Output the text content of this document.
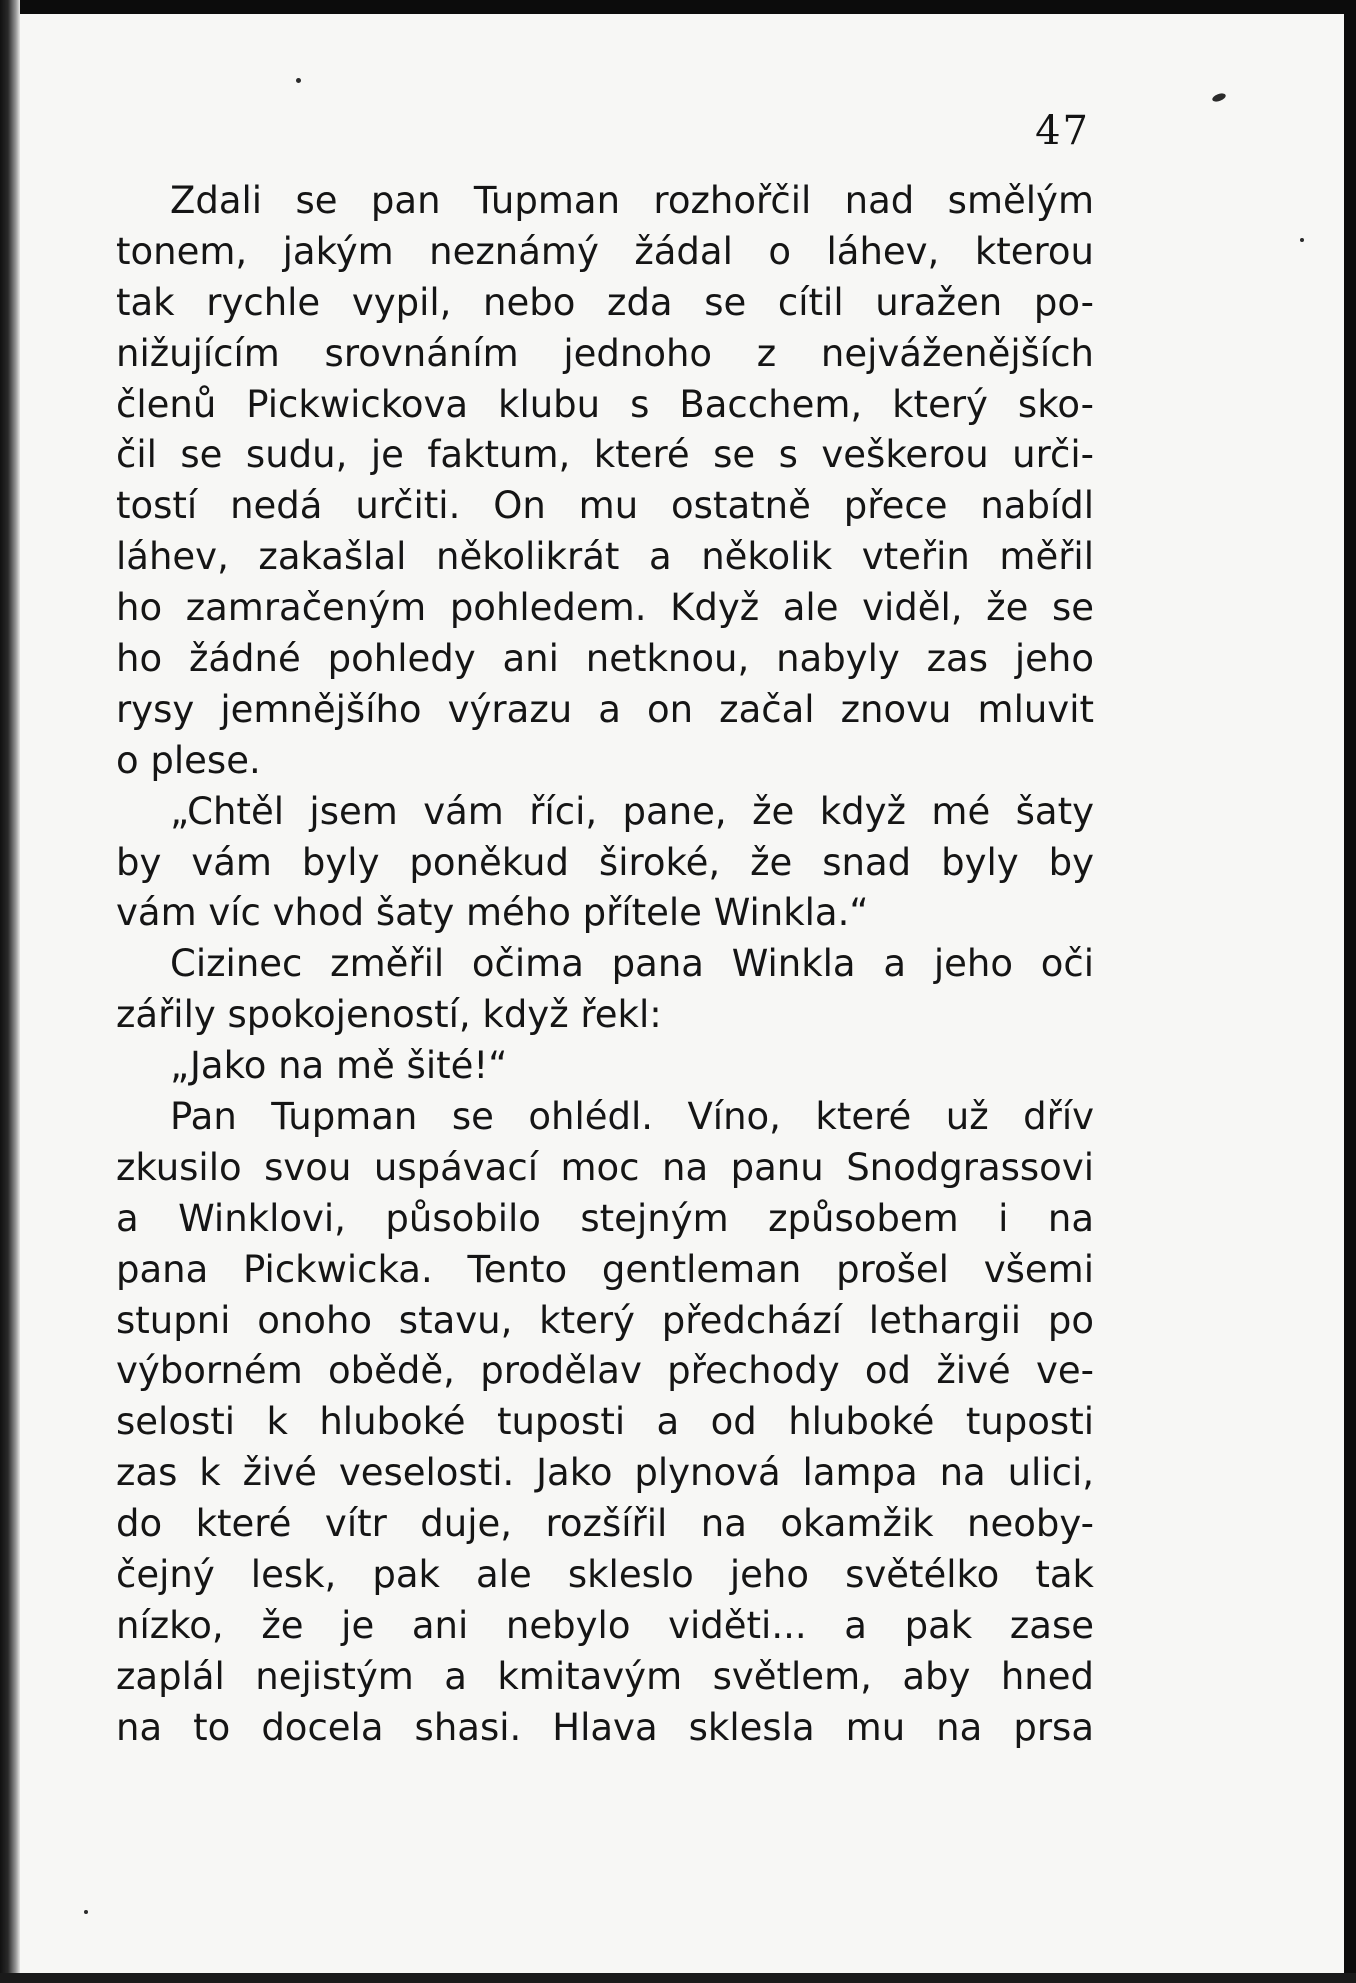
47
Zdali se pan Tupman rozhořčil nad smělým
tonem, jakým neznámý žádal o láhev, kterou
tak rychle vypil, nebo zda se cítil uražen po-
nižujícím srovnáním jednoho z nejváženějších
členů Pickwickova klubu s Bacchem, který sko-
čil se sudu, je faktum, které se s veškerou urči-
tostí nedá určiti. On mu ostatně přece nabídl
láhev, zakašlal několikrát a několik vteřin měřil
ho zamračeným pohledem. Když ale viděl, že se
ho žádné pohledy ani netknou, nabyly zas jeho
rysy jemnějšího výrazu a on začal znovu mluvit
o plese.
„Chtěl jsem vám říci, pane, že když mé šaty
by vám byly poněkud široké, že snad byly by
vám víc vhod šaty mého přítele Winkla.“
Cizinec změřil očima pana Winkla a jeho oči
zářily spokojeností, když řekl:
„Jako na mě šité!“
Pan Tupman se ohlédl. Víno, které už dřív
zkusilo svou uspávací moc na panu Snodgrassovi
a Winklovi, působilo stejným způsobem i na
pana Pickwicka. Tento gentleman prošel všemi
stupni onoho stavu, který předchází lethargii po
výborném obědě, prodělav přechody od živé ve-
selosti k hluboké tuposti a od hluboké tuposti
zas k živé veselosti. Jako plynová lampa na ulici,
do které vítr duje, rozšířil na okamžik neoby-
čejný lesk, pak ale skleslo jeho světélko tak
nízko, že je ani nebylo viděti... a pak zase
zaplál nejistým a kmitavým světlem, aby hned
na to docela shasi. Hlava sklesla mu na prsa
